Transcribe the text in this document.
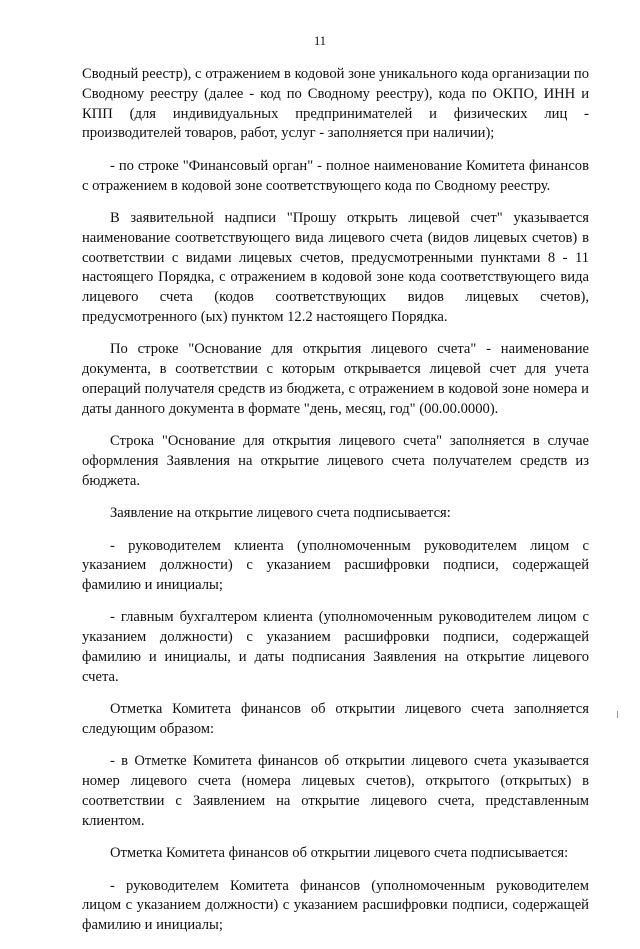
11

Сводный реестр), с отражением в кодовой зоне уникального кода организации по Сводному реестру (далее - код по Сводному реестру), кода по ОКПО, ИНН и КПП (для индивидуальных предпринимателей и физических лиц - производителей товаров, работ, услуг - заполняется при наличии);

- по строке "Финансовый орган" - полное наименование Комитета финансов с отражением в кодовой зоне соответствующего кода по Сводному реестру.

В заявительной надписи "Прошу открыть лицевой счет" указывается наименование соответствующего вида лицевого счета (видов лицевых счетов) в соответствии с видами лицевых счетов, предусмотренными пунктами 8 - 11 настоящего Порядка, с отражением в кодовой зоне кода соответствующего вида лицевого счета (кодов соответствующих видов лицевых счетов), предусмотренного (ых) пунктом 12.2 настоящего Порядка.

По строке "Основание для открытия лицевого счета" - наименование документа, в соответствии с которым открывается лицевой счет для учета операций получателя средств из бюджета, с отражением в кодовой зоне номера и даты данного документа в формате "день, месяц, год" (00.00.0000).

Строка "Основание для открытия лицевого счета" заполняется в случае оформления Заявления на открытие лицевого счета получателем средств из бюджета.

Заявление на открытие лицевого счета подписывается:

- руководителем клиента (уполномоченным руководителем лицом с указанием должности) с указанием расшифровки подписи, содержащей фамилию и инициалы;

- главным бухгалтером клиента (уполномоченным руководителем лицом с указанием должности) с указанием расшифровки подписи, содержащей фамилию и инициалы, и даты подписания Заявления на открытие лицевого счета.

Отметка Комитета финансов об открытии лицевого счета заполняется следующим образом:

- в Отметке Комитета финансов об открытии лицевого счета указывается номер лицевого счета (номера лицевых счетов), открытого (открытых) в соответствии с Заявлением на открытие лицевого счета, представленным клиентом.

Отметка Комитета финансов об открытии лицевого счета подписывается:

- руководителем Комитета финансов (уполномоченным руководителем лицом с указанием должности) с указанием расшифровки подписи, содержащей фамилию и инициалы;
